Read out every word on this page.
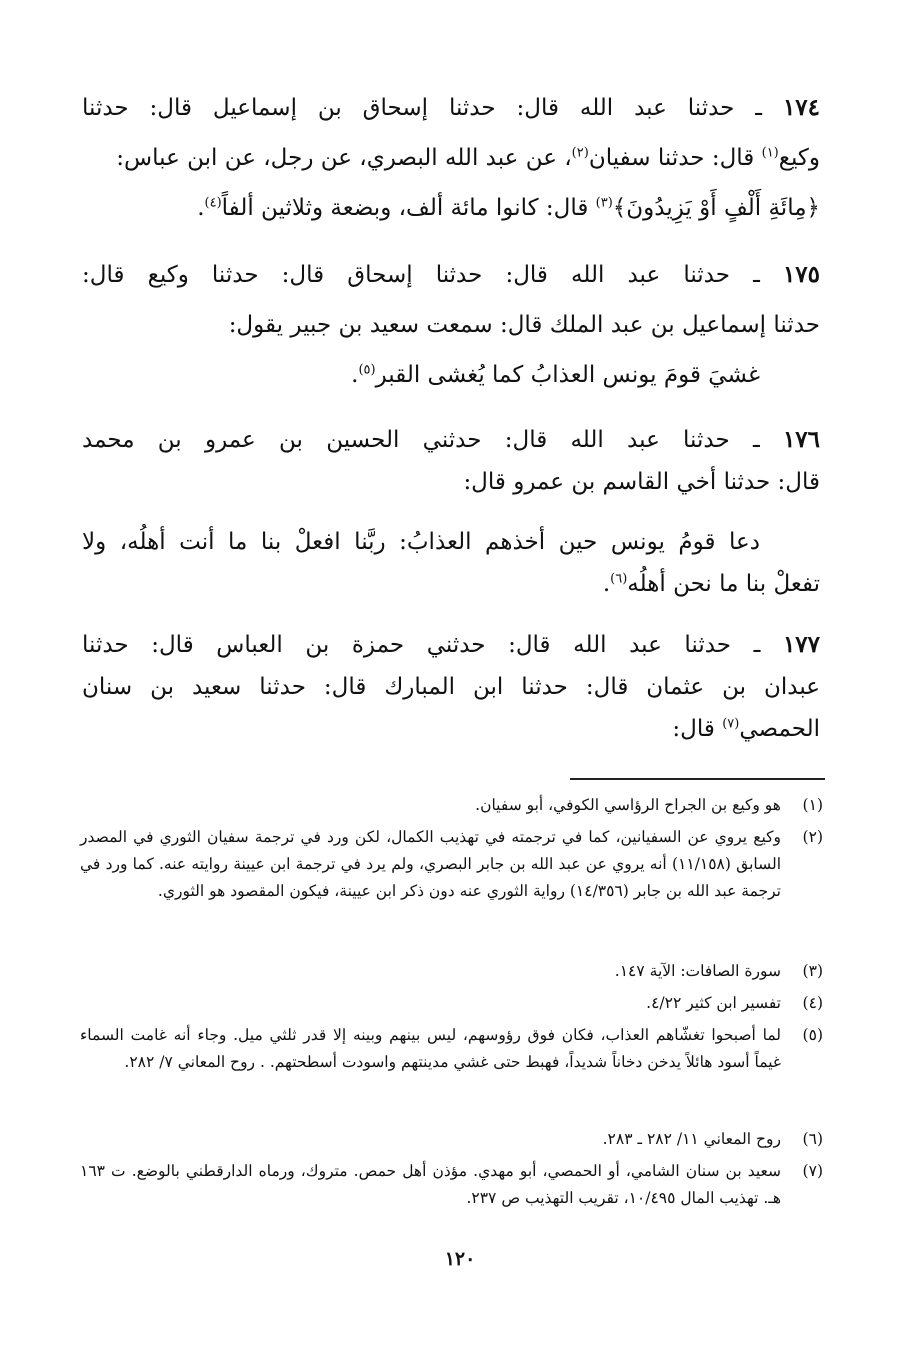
١٧٤ ـ حدثنا عبد الله قال: حدثنا إسحاق بن إسماعيل قال: حدثنا
وكيع$^{(١)}$ قال: حدثنا سفيان$^{(٢)}$، عن عبد الله البصري، عن رجل، عن ابن عباس:
﴿مِائَةِ أَلْفٍ أَوْ يَزِيدُونَ﴾$^{(٣)}$ قال: كانوا مائة ألف، وبضعة وثلاثين ألفاً$^{(٤)}$.
١٧٥ ـ حدثنا عبد الله قال: حدثنا إسحاق قال: حدثنا وكيع قال:
حدثنا إسماعيل بن عبد الملك قال: سمعت سعيد بن جبير يقول:
غشيَ قومَ يونس العذابُ كما يُغشى القبر$^{(٥)}$.
١٧٦ ـ حدثنا عبد الله قال: حدثني الحسين بن عمرو بن محمد
قال: حدثنا أخي القاسم بن عمرو قال:
دعا قومُ يونس حين أخذهم العذابُ: ربَّنا افعلْ بنا ما أنت أهلُه، ولا
تفعلْ بنا ما نحن أهلُه$^{(٦)}$.
١٧٧ ـ حدثنا عبد الله قال: حدثني حمزة بن العباس قال: حدثنا
عبدان بن عثمان قال: حدثنا ابن المبارك قال: حدثنا سعيد بن سنان
الحمصي$^{(٧)}$ قال:
(١)
هو وكيع بن الجراح الرؤاسي الكوفي، أبو سفيان.
(٢)
وكيع يروي عن السفيانين، كما في ترجمته في تهذيب الكمال، لكن ورد في ترجمة سفيان الثوري في المصدر السابق (١١/١٥٨) أنه يروي عن عبد الله بن جابر البصري، ولم يرد في ترجمة ابن عيينة روايته عنه. كما ورد في ترجمة عبد الله بن جابر (١٤/٣٥٦) رواية الثوري عنه دون ذكر ابن عيينة، فيكون المقصود هو الثوري.
(٣)
سورة الصافات: الآية ١٤٧.
(٤)
تفسير ابن كثير ٤/٢٢.
(٥)
لما أصبحوا تغشّاهم العذاب، فكان فوق رؤوسهم، ليس بينهم وبينه إلا قدر ثلثي ميل. وجاء أنه غامت السماء غيماً أسود هائلاً يدخن دخاناً شديداً، فهبط حتى غشي مدينتهم واسودت أسطحتهم. . روح المعاني ٧/ ٢٨٢.
(٦)
روح المعاني ١١/ ٢٨٢ ـ ٢٨٣.
(٧)
سعيد بن سنان الشامي، أو الحمصي، أبو مهدي. مؤذن أهل حمص. متروك، ورماه الدارقطني بالوضع. ت ١٦٣ هـ. تهذيب المال ١٠/٤٩٥، تقريب التهذيب ص ٢٣٧.
١٢٠
